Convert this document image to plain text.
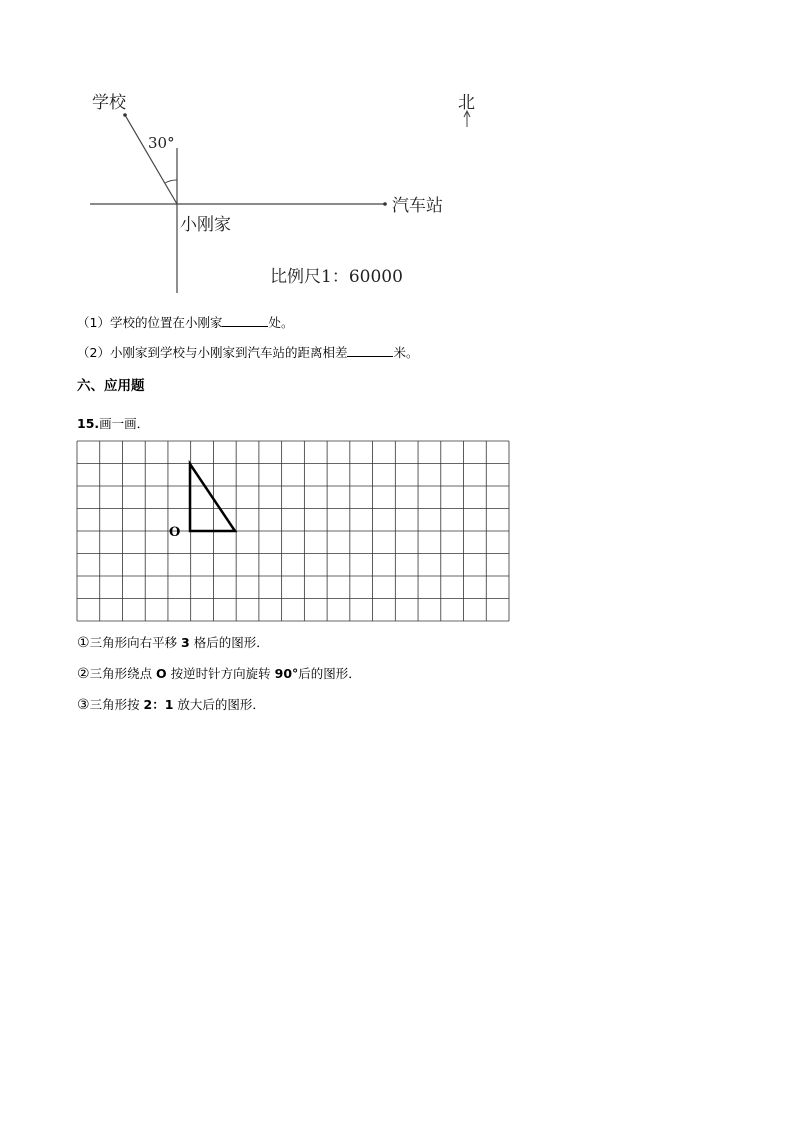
学校	北
30°
汽车站
小刚家
比例尺1：60000
（1）学校的位置在小刚家	处。
（2）小刚家到学校与小刚家到汽车站的距离相差	米。
六、应用题
15.画一画．
O
①三角形向右平移 3 格后的图形．
②三角形绕点 O 按逆时针方向旋转 90°后的图形．
③三角形按 2：1 放大后的图形．
